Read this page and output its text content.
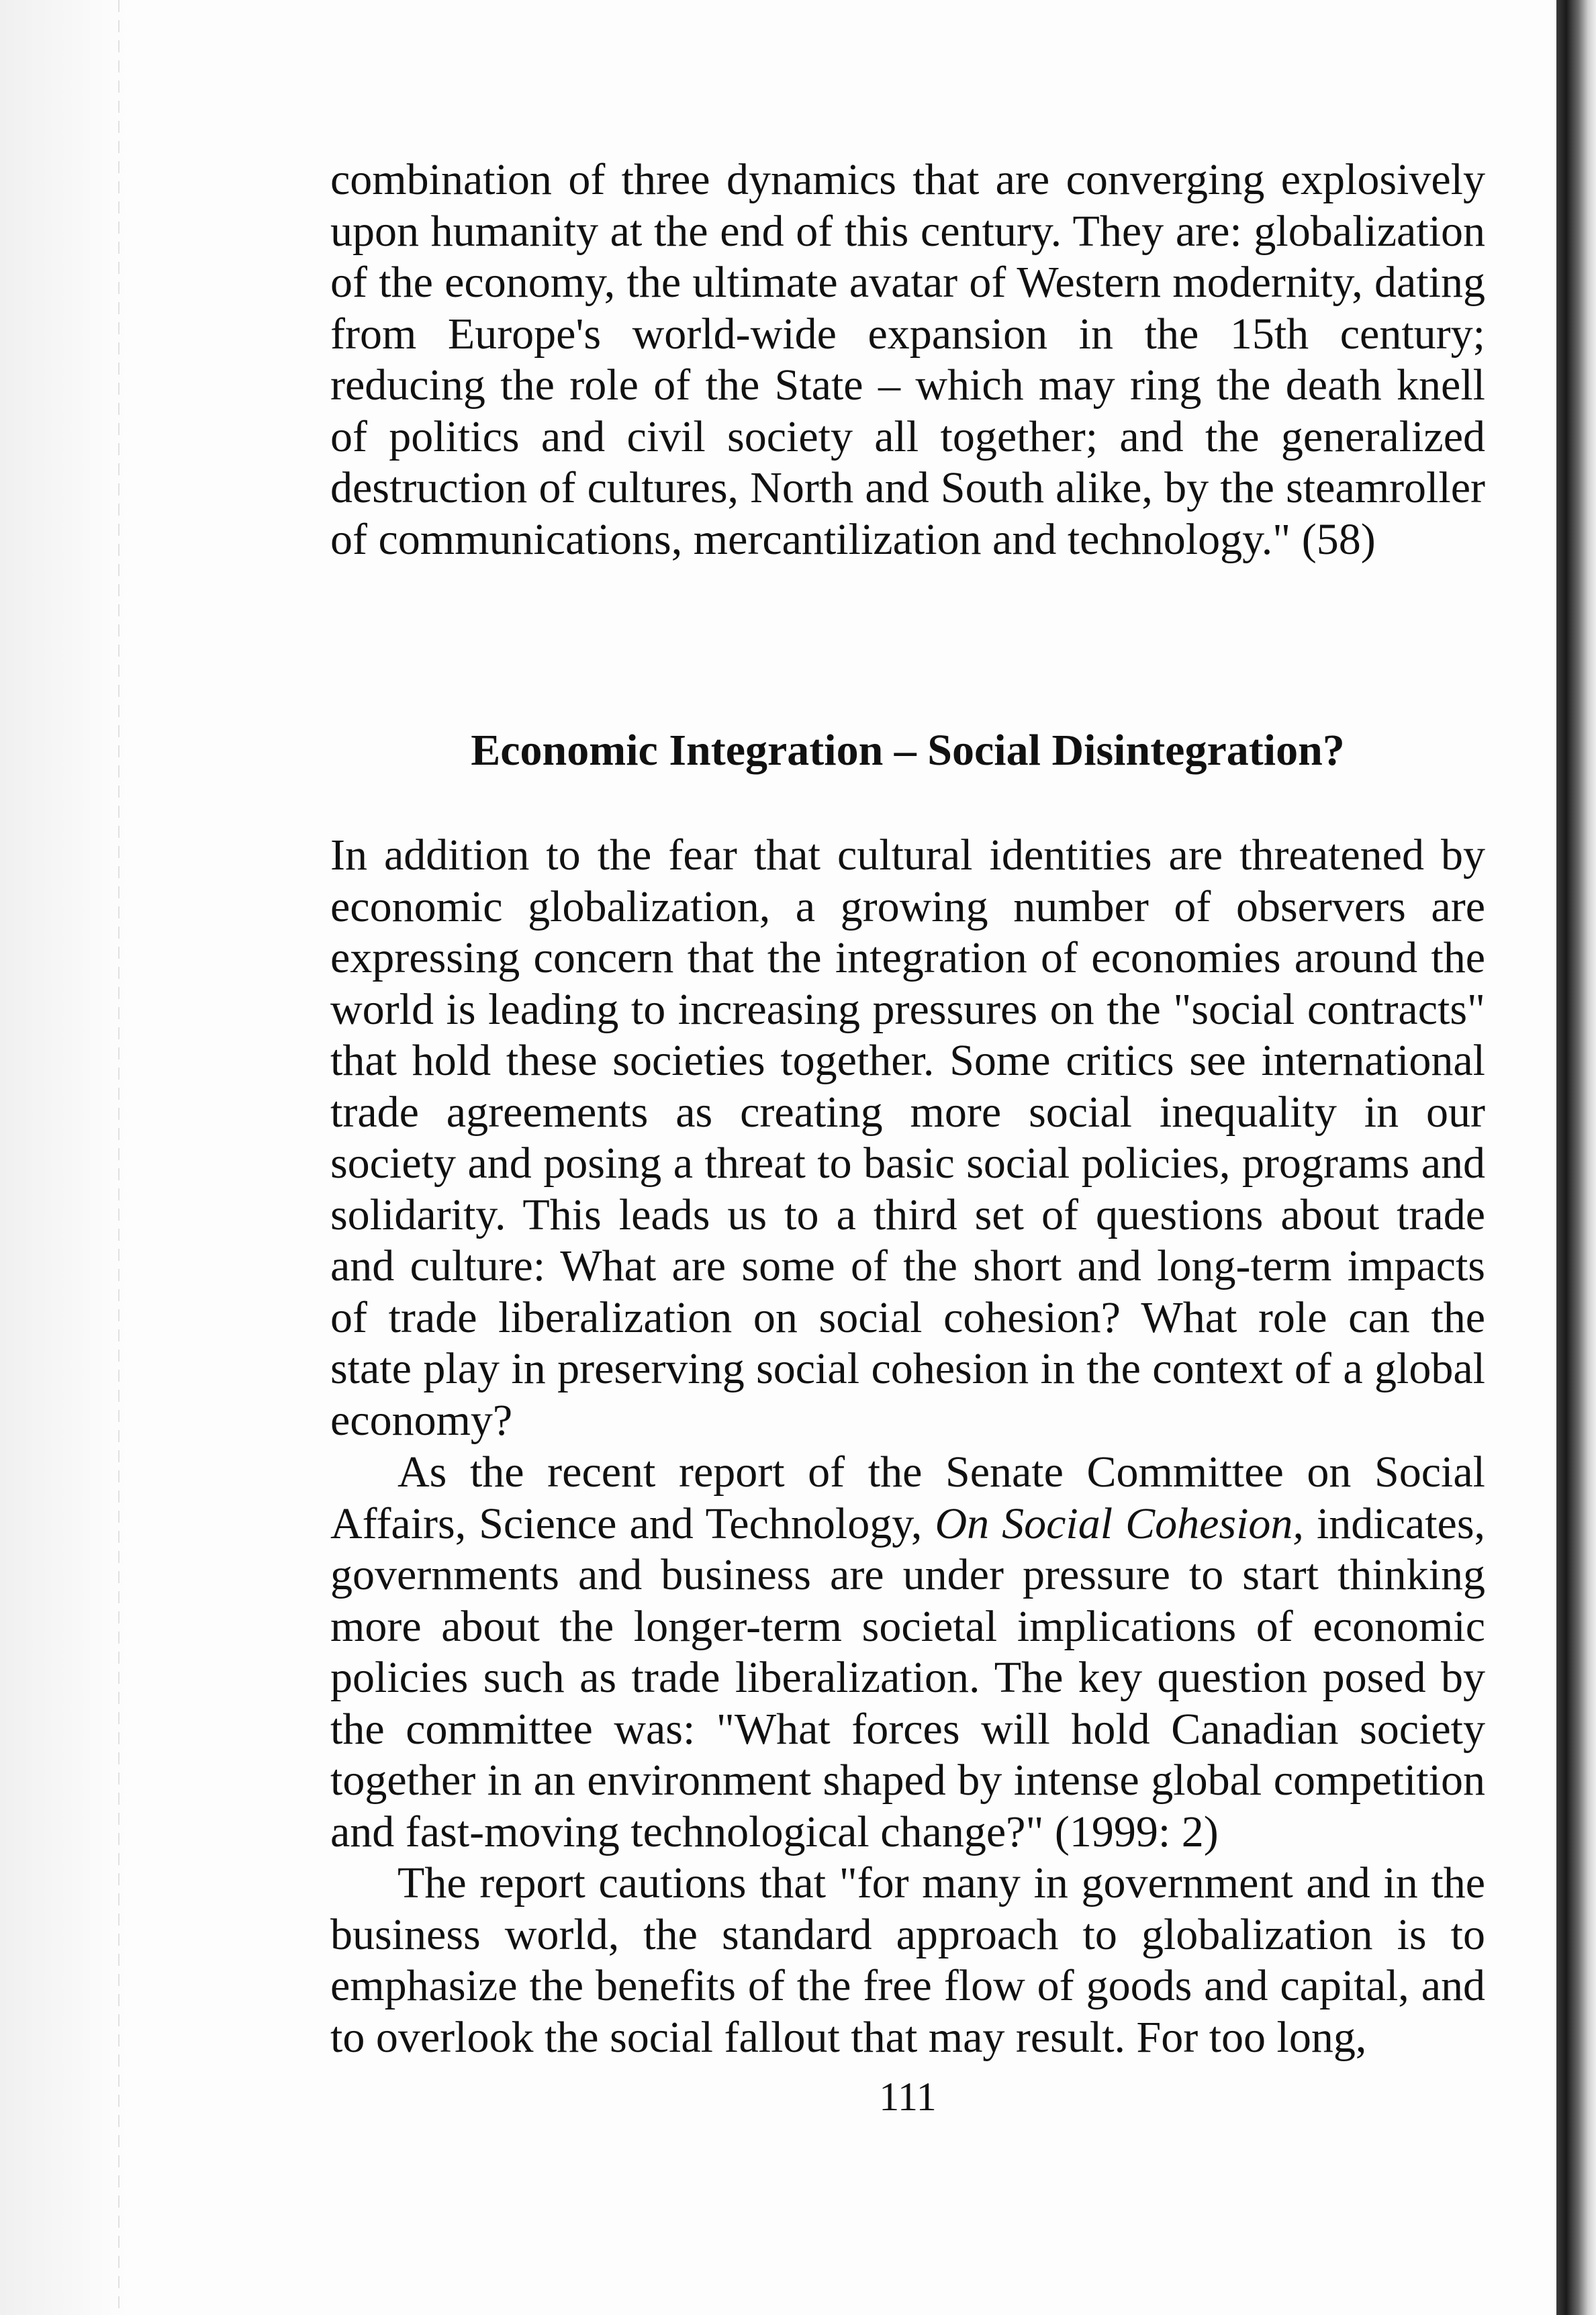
combination of three dynamics that are converging explosively upon humanity at the end of this century. They are: globalization of the economy, the ultimate avatar of Western modernity, dating from Europe's world-wide expansion in the 15th century; reducing the role of the State – which may ring the death knell of politics and civil society all together; and the generalized destruction of cultures, North and South alike, by the steamroller of communications, mercantilization and technology." (58)

Economic Integration – Social Disintegration?

In addition to the fear that cultural identities are threatened by economic globalization, a growing number of observers are expressing concern that the integration of economies around the world is leading to increasing pressures on the "social contracts" that hold these societies together. Some critics see international trade agreements as creating more social inequality in our society and posing a threat to basic social policies, programs and solidarity. This leads us to a third set of questions about trade and culture: What are some of the short and long-term impacts of trade liberalization on social cohesion? What role can the state play in preserving social cohesion in the context of a global economy?

As the recent report of the Senate Committee on Social Affairs, Science and Technology, On Social Cohesion, indicates, governments and business are under pressure to start thinking more about the longer-term societal implications of economic policies such as trade liberalization. The key question posed by the committee was: "What forces will hold Canadian society together in an environment shaped by intense global competition and fast-moving technological change?" (1999: 2)

The report cautions that "for many in government and in the business world, the standard approach to globalization is to emphasize the benefits of the free flow of goods and capital, and to overlook the social fallout that may result. For too long,

111
